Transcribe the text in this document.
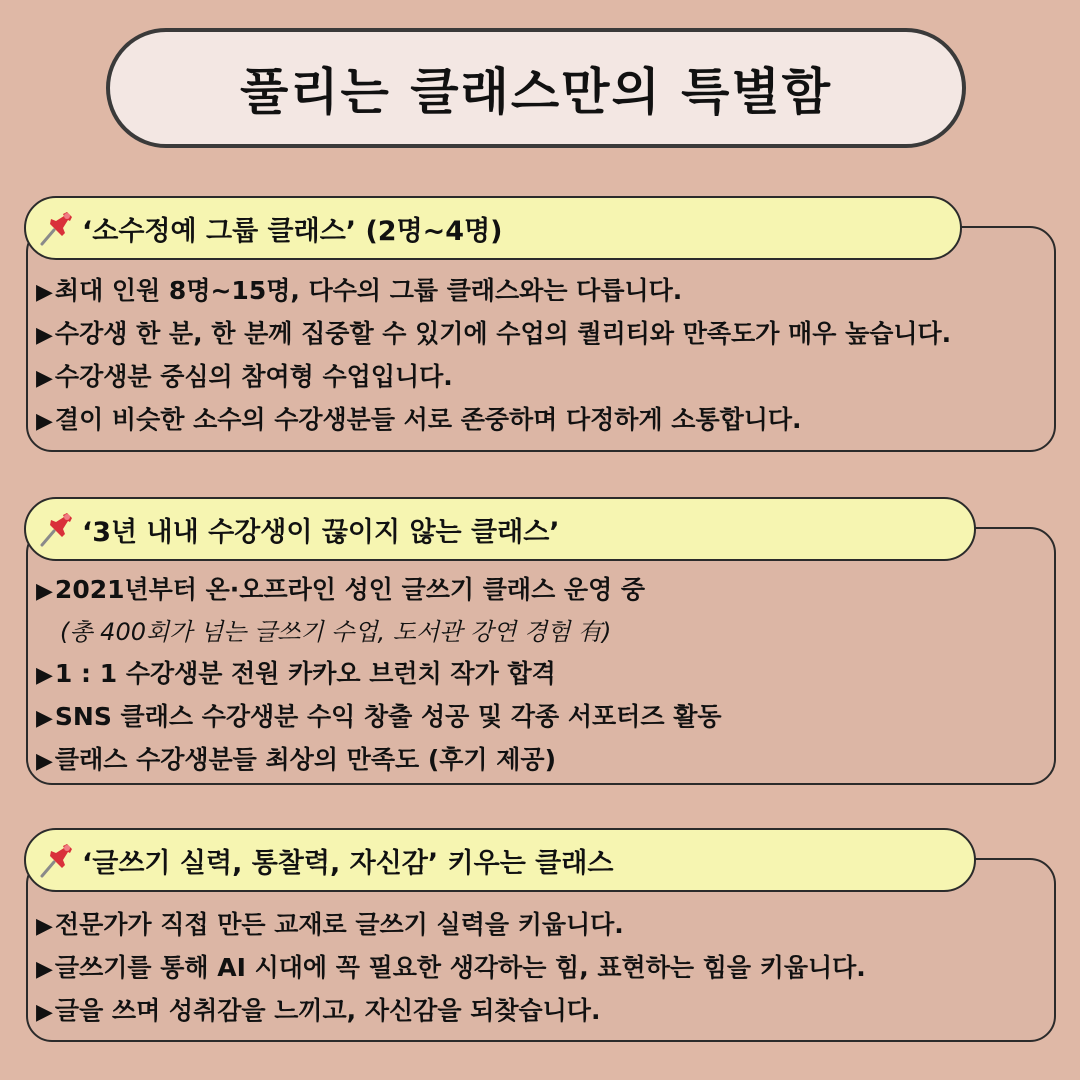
풀리는 클래스만의 특별함
▶최대 인원 8명~15명, 다수의 그룹 클래스와는 다릅니다.
▶수강생 한 분, 한 분께 집중할 수 있기에 수업의 퀄리티와 만족도가 매우 높습니다.
▶수강생분 중심의 참여형 수업입니다.
▶결이 비슷한 소수의 수강생분들 서로 존중하며 다정하게 소통합니다.
‘소수정예 그룹 클래스’ (2명~4명)
▶2021년부터 온·오프라인 성인 글쓰기 클래스 운영 중
(총 400회가 넘는 글쓰기 수업, 도서관 강연 경험 有)
▶1 : 1 수강생분 전원 카카오 브런치 작가 합격
▶SNS 클래스 수강생분 수익 창출 성공 및 각종 서포터즈 활동
▶클래스 수강생분들 최상의 만족도 (후기 제공)
‘3년 내내 수강생이 끊이지 않는 클래스’
▶전문가가 직접 만든 교재로 글쓰기 실력을 키웁니다.
▶글쓰기를 통해 AI 시대에 꼭 필요한 생각하는 힘, 표현하는 힘을 키웁니다.
▶글을 쓰며 성취감을 느끼고, 자신감을 되찾습니다.
‘글쓰기 실력, 통찰력, 자신감’ 키우는 클래스
